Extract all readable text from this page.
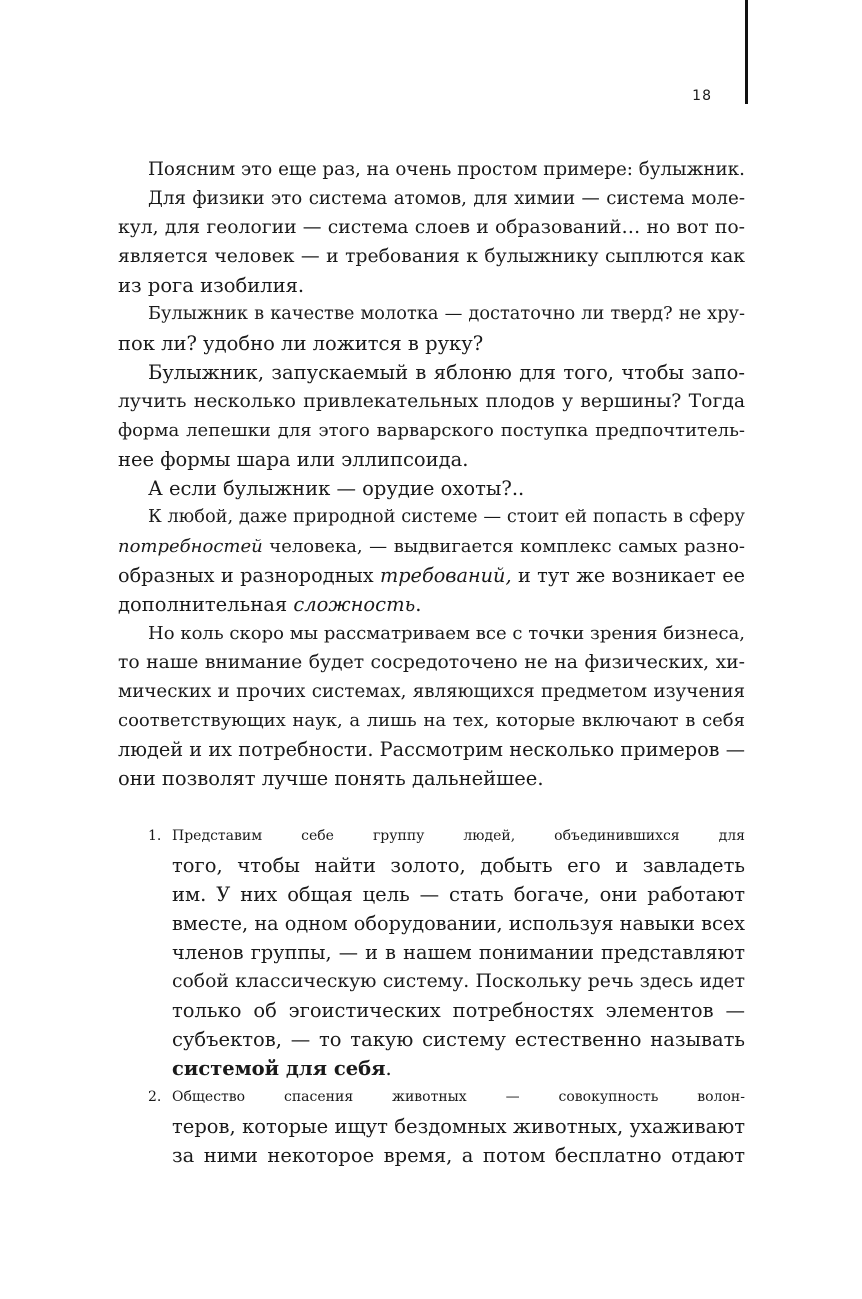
18
Поясним это еще раз, на очень простом примере: булыжник.
Для физики это система атомов, для химии — система моле-
кул, для геологии — система слоев и образований… но вот по-
является человек — и требования к булыжнику сыплются как
из рога изобилия.
Булыжник в качестве молотка — достаточно ли тверд? не хру-
пок ли? удобно ли ложится в руку?
Булыжник, запускаемый в яблоню для того, чтобы запо-
лучить несколько привлекательных плодов у вершины? Тогда
форма лепешки для этого варварского поступка предпочтитель-
нее формы шара или эллипсоида.
А если булыжник — орудие охоты?..
К любой, даже природной системе — стоит ей попасть в сферу
потребностей человека, — выдвигается комплекс самых разно-
образных и разнородных требований, и тут же возникает ее
дополнительная сложность.
Но коль скоро мы рассматриваем все с точки зрения бизнеса,
то наше внимание будет сосредоточено не на физических, хи-
мических и прочих системах, являющихся предметом изучения
соответствующих наук, а лишь на тех, которые включают в себя
людей и их потребности. Рассмотрим несколько примеров —
они позволят лучше понять дальнейшее.
1. Представим себе группу людей, объединившихся для
того, чтобы найти золото, добыть его и завладеть
им. У них общая цель — стать богаче, они работают
вместе, на одном оборудовании, используя навыки всех
членов группы, — и в нашем понимании представляют
собой классическую систему. Поскольку речь здесь идет
только об эгоистических потребностях элементов —
субъектов, — то такую систему естественно называть
системой для себя.
2. Общество спасения животных — совокупность волон-
теров, которые ищут бездомных животных, ухаживают
за ними некоторое время, а потом бесплатно отдают
